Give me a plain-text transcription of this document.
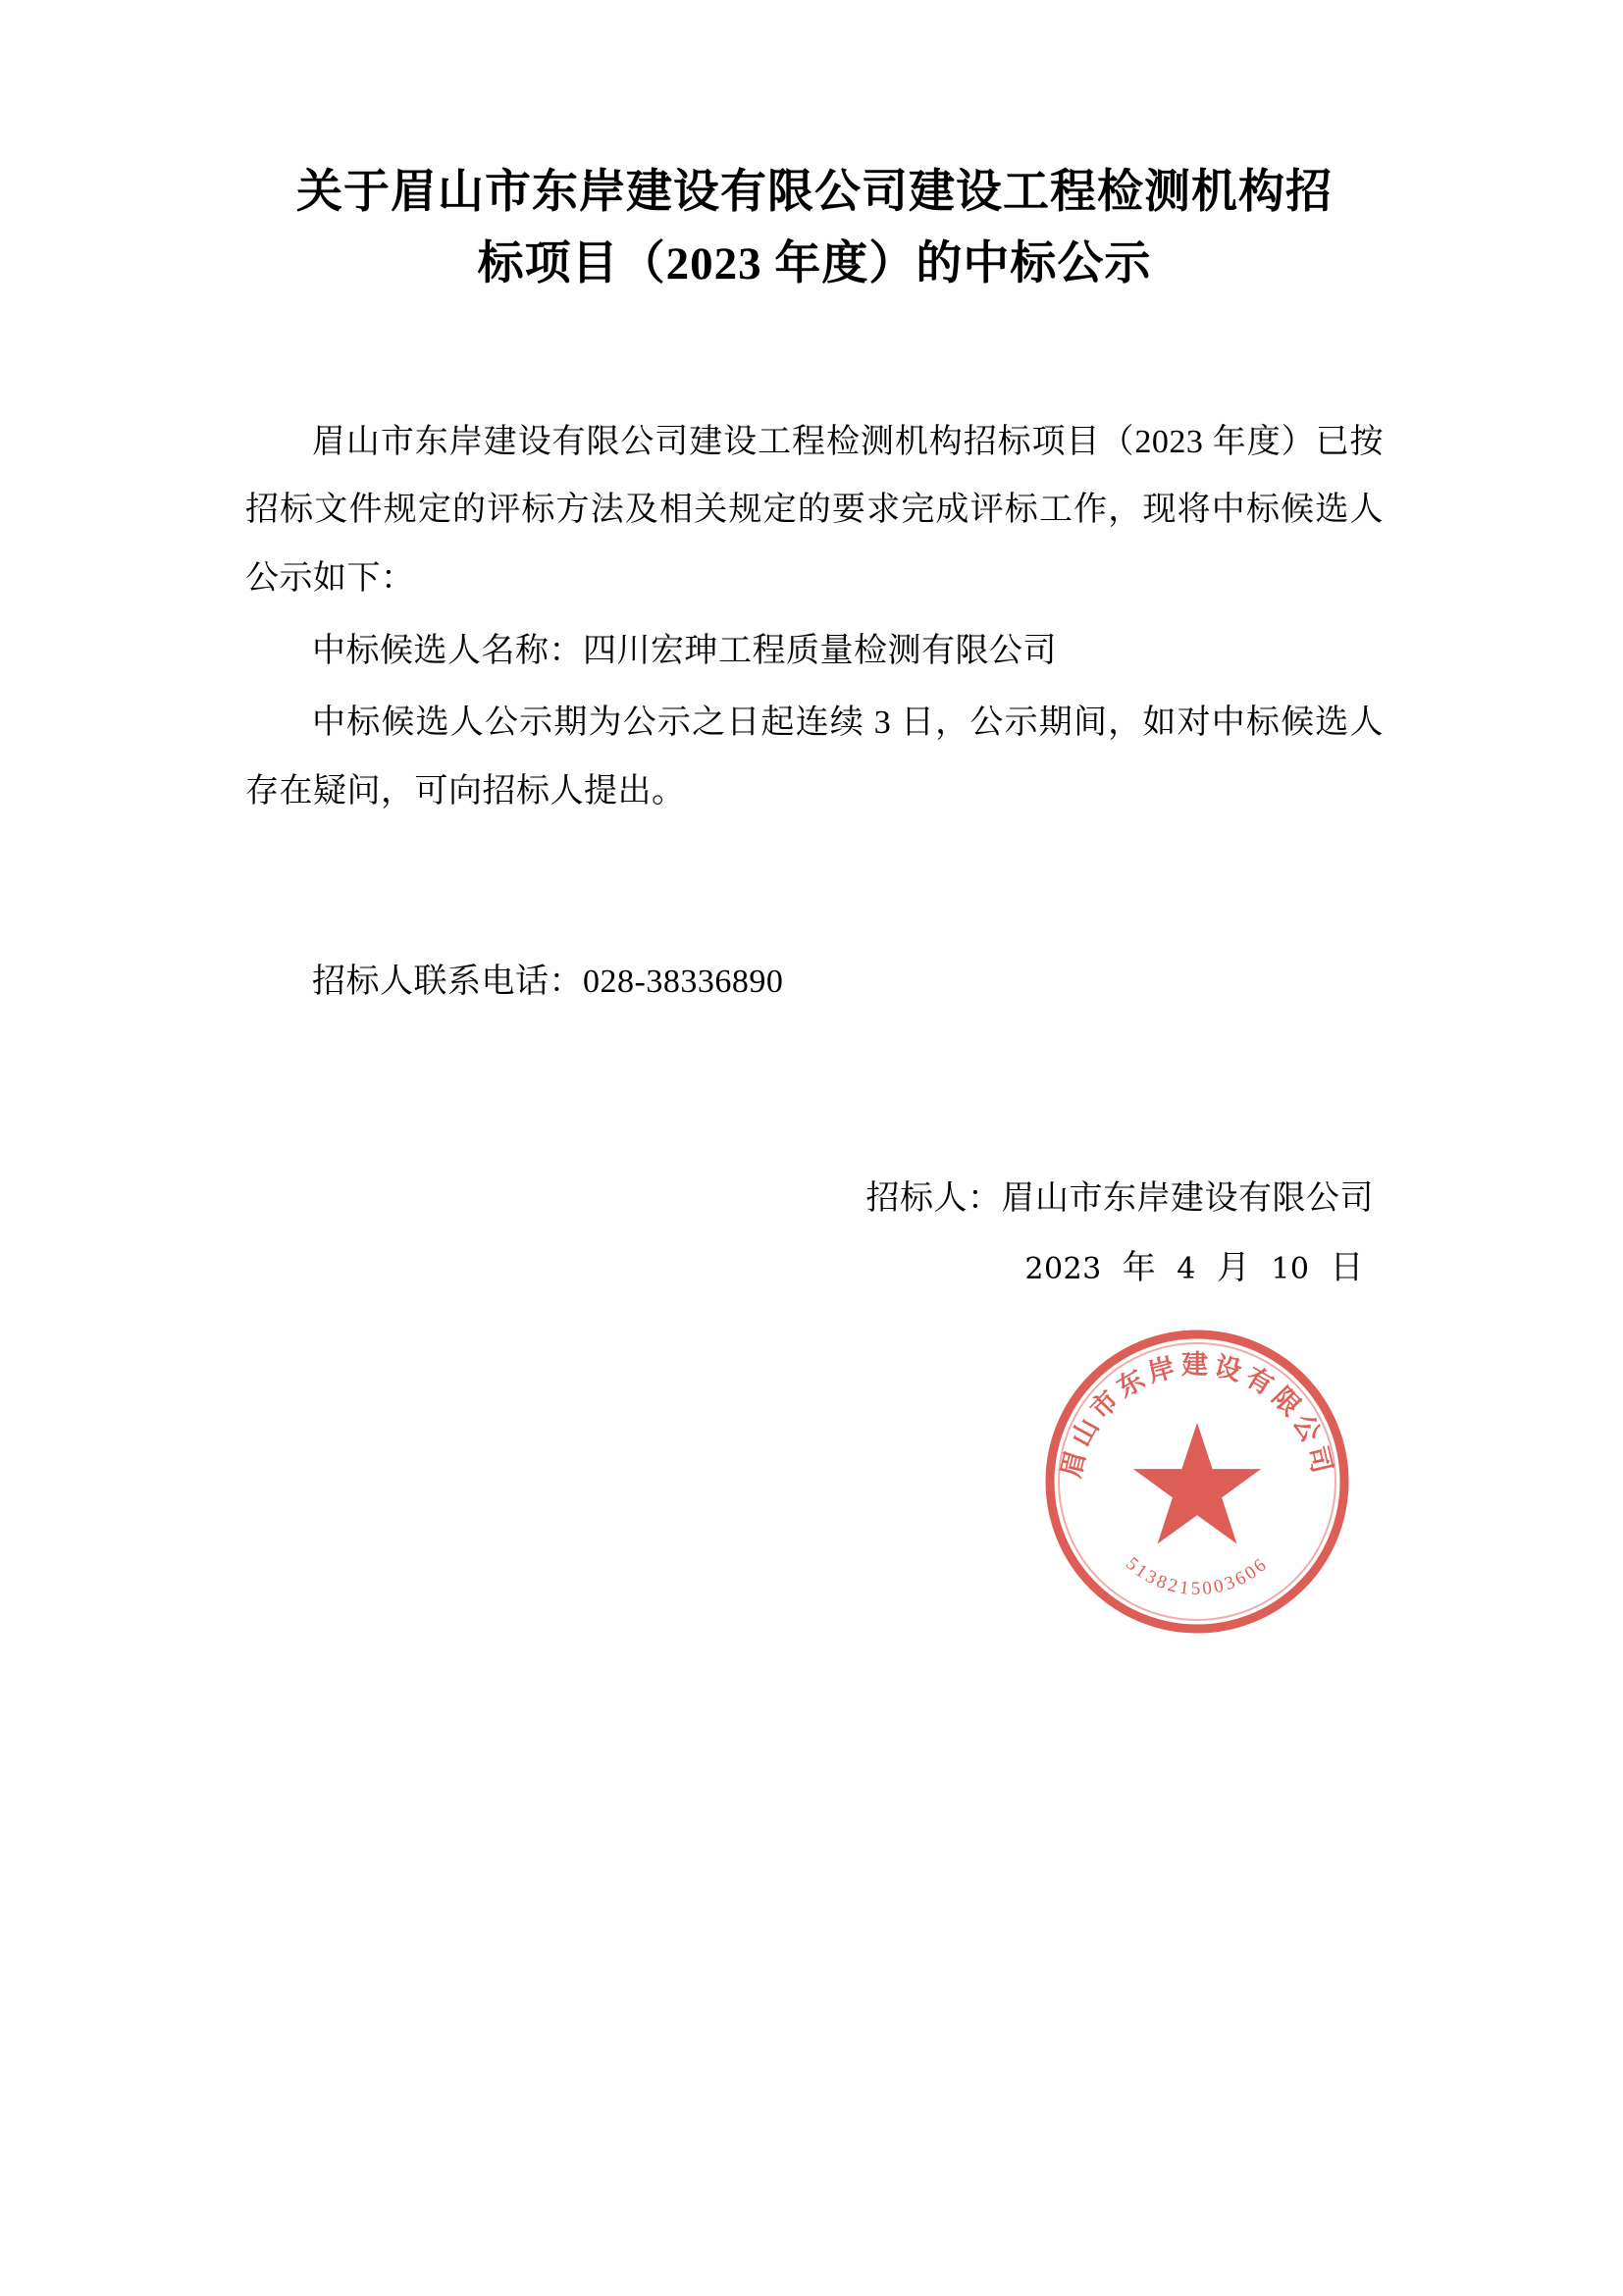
关于眉山市东岸建设有限公司建设工程检测机构招标项目（2023 年度）的中标公示

眉山市东岸建设有限公司建设工程检测机构招标项目（2023 年度）已按招标文件规定的评标方法及相关规定的要求完成评标工作，现将中标候选人公示如下：

中标候选人名称：四川宏珅工程质量检测有限公司

中标候选人公示期为公示之日起连续 3 日，公示期间，如对中标候选人存在疑问，可向招标人提出。

招标人联系电话：028-38336890

招标人：眉山市东岸建设有限公司
2023 年 4 月 10 日
眉山市东岸建设有限公司
5138215003606
